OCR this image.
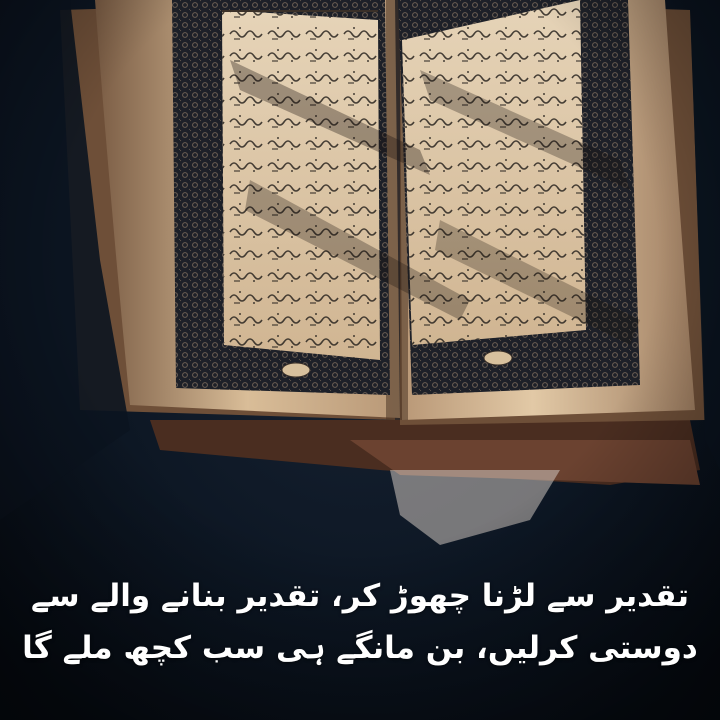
تقدیر سے لڑنا چھوڑ کر، تقدیر بنانے والے سے
دوستی کرلیں، بن مانگے ہی سب کچھ ملے گا
